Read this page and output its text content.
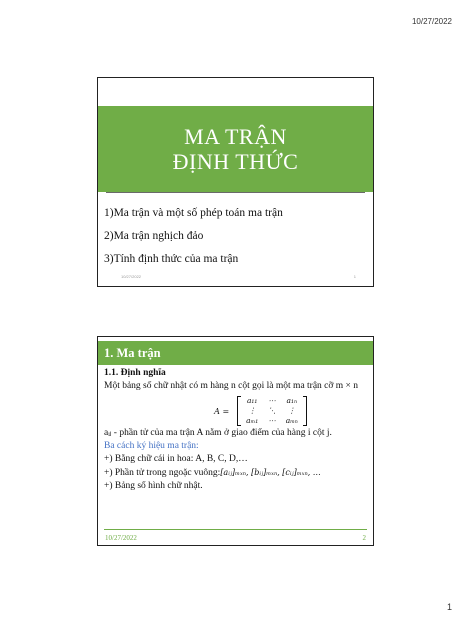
10/27/2022
MA TRẬN
ĐỊNH THỨC
1)Ma trận và một số phép toán ma trận
2)Ma trận nghịch đảo
3)Tính định thức của ma trận
10/27/2022	1
1. Ma trận
1.1. Định nghĩa
Một bảng số chữ nhật có m hàng n cột gọi là một ma trận cỡ m × n
A =
a₁₁	⋯	a₁ₙ
⋮	⋱	⋮
aₘ₁	⋯	aₘₙ
aᵢⱼ - phần tử của ma trận A nằm ở giao điểm của hàng i cột j.
Ba cách ký hiệu ma trận:
+) Bằng chữ cái in hoa: A, B, C, D,…
+) Phần tử trong ngoặc vuông:[aᵢⱼ]ₘₓₙ, [bᵢⱼ]ₘₓₙ, [cᵢⱼ]ₘₓₙ, …
+) Bảng số hình chữ nhật.
10/27/2022	2
1
